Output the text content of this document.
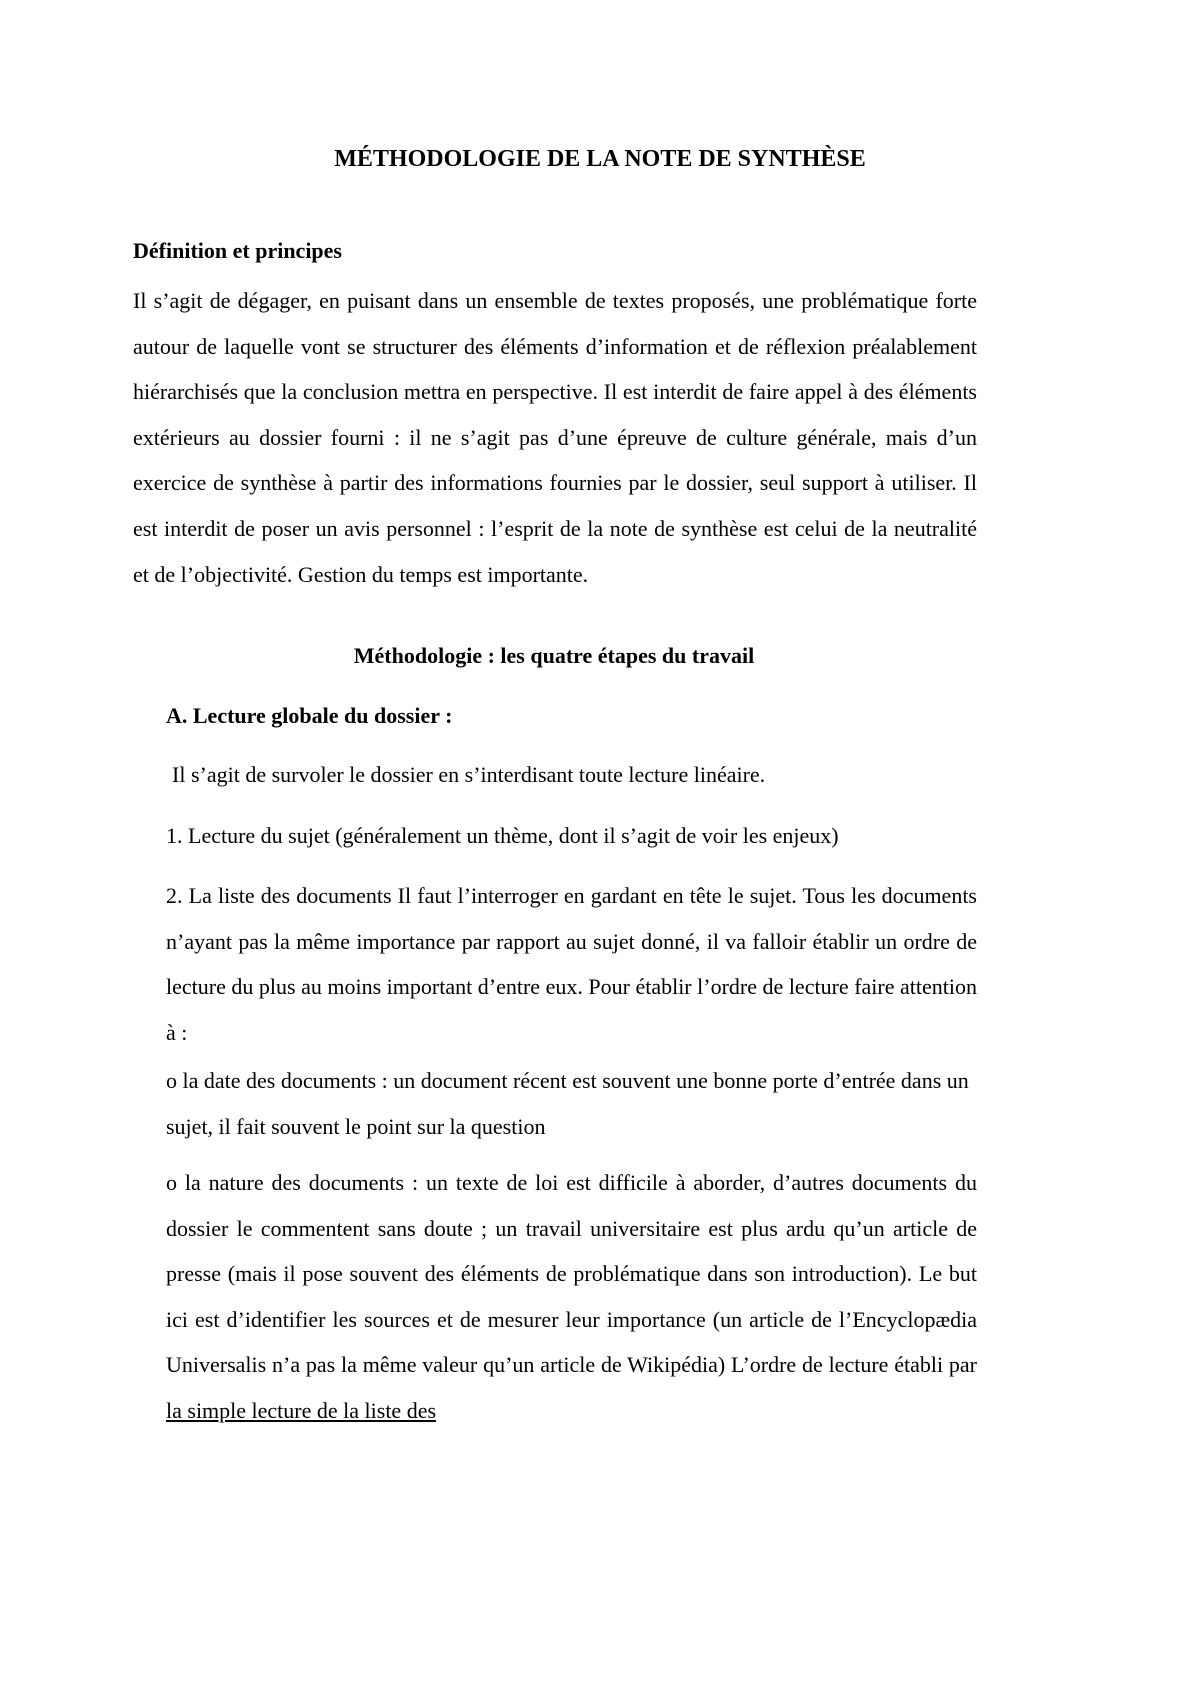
MÉTHODOLOGIE DE LA NOTE DE SYNTHÈSE
Définition et principes

Il s’agit de dégager, en puisant dans un ensemble de textes proposés, une problématique forte autour de laquelle vont se structurer des éléments d’information et de réflexion préalablement hiérarchisés que la conclusion mettra en perspective. Il est interdit de faire appel à des éléments extérieurs au dossier fourni : il ne s’agit pas d’une épreuve de culture générale, mais d’un exercice de synthèse à partir des informations fournies par le dossier, seul support à utiliser. Il est interdit de poser un avis personnel : l’esprit de la note de synthèse est celui de la neutralité et de l’objectivité. Gestion du temps est importante.

Méthodologie : les quatre étapes du travail
A. Lecture globale du dossier :

Il s’agit de survoler le dossier en s’interdisant toute lecture linéaire.

1. Lecture du sujet (généralement un thème, dont il s’agit de voir les enjeux)

2. La liste des documents Il faut l’interroger en gardant en tête le sujet. Tous les documents n’ayant pas la même importance par rapport au sujet donné, il va falloir établir un ordre de lecture du plus au moins important d’entre eux. Pour établir l’ordre de lecture faire attention à :

o la date des documents : un document récent est souvent une bonne porte d’entrée dans un sujet, il fait souvent le point sur la question

o la nature des documents : un texte de loi est difficile à aborder, d’autres documents du dossier le commentent sans doute ; un travail universitaire est plus ardu qu’un article de presse (mais il pose souvent des éléments de problématique dans son introduction). Le but ici est d’identifier les sources et de mesurer leur importance (un article de l’Encyclopædia Universalis n’a pas la même valeur qu’un article de Wikipédia) L’ordre de lecture établi par la simple lecture de la liste des
